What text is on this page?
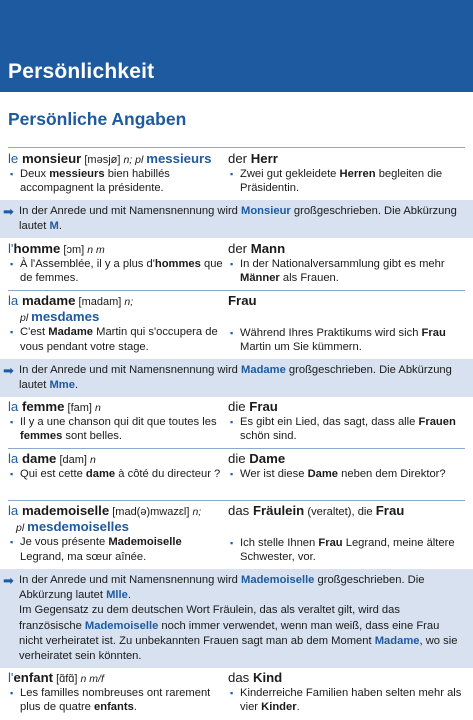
Persönlichkeit
Persönliche Angaben
le monsieur [məsjø] n; pl messieurs
▪ Deux messieurs bien habillés accompagnent la présidente.
der Herr
▪ Zwei gut gekleidete Herren begleiten die Präsidentin.
➡ In der Anrede und mit Namensnennung wird Monsieur großgeschrieben. Die Abkürzung lautet M.
l'homme [ɔm] n m
▪ À l'Assemblée, il y a plus d'hommes que de femmes.
der Mann
▪ In der Nationalversammlung gibt es mehr Männer als Frauen.
la madame [madam] n;
pl mesdames
▪ C'est Madame Martin qui s'occupera de vous pendant votre stage.
Frau
▪ Während Ihres Praktikums wird sich Frau Martin um Sie kümmern.
➡ In der Anrede und mit Namensnennung wird Madame großgeschrieben. Die Abkürzung lautet Mme.
la femme [fam] n
▪ Il y a une chanson qui dit que toutes les femmes sont belles.
die Frau
▪ Es gibt ein Lied, das sagt, dass alle Frauen schön sind.
la dame [dam] n
▪ Qui est cette dame à côté du directeur ?
die Dame
▪ Wer ist diese Dame neben dem Direktor?
la mademoiselle [mad(ə)mwazɛl] n;
pl mesdemoiselles
▪ Je vous présente Mademoiselle Legrand, ma sœur aînée.
das Fräulein (veraltet), die Frau
▪ Ich stelle Ihnen Frau Legrand, meine ältere Schwester, vor.
➡ In der Anrede und mit Namensnennung wird Mademoiselle großgeschrieben. Die Abkürzung lautet Mlle.
Im Gegensatz zu dem deutschen Wort Fräulein, das als veraltet gilt, wird das französische Mademoiselle noch immer verwendet, wenn man weiß, dass eine Frau nicht verheiratet ist. Zu unbekannten Frauen sagt man ab dem Moment Madame, wo sie verheiratet sein könnten.
l'enfant [ɑ̃fɑ̃] n m/f
▪ Les familles nombreuses ont rarement plus de quatre enfants.
das Kind
▪ Kinderreiche Familien haben selten mehr als vier Kinder.
